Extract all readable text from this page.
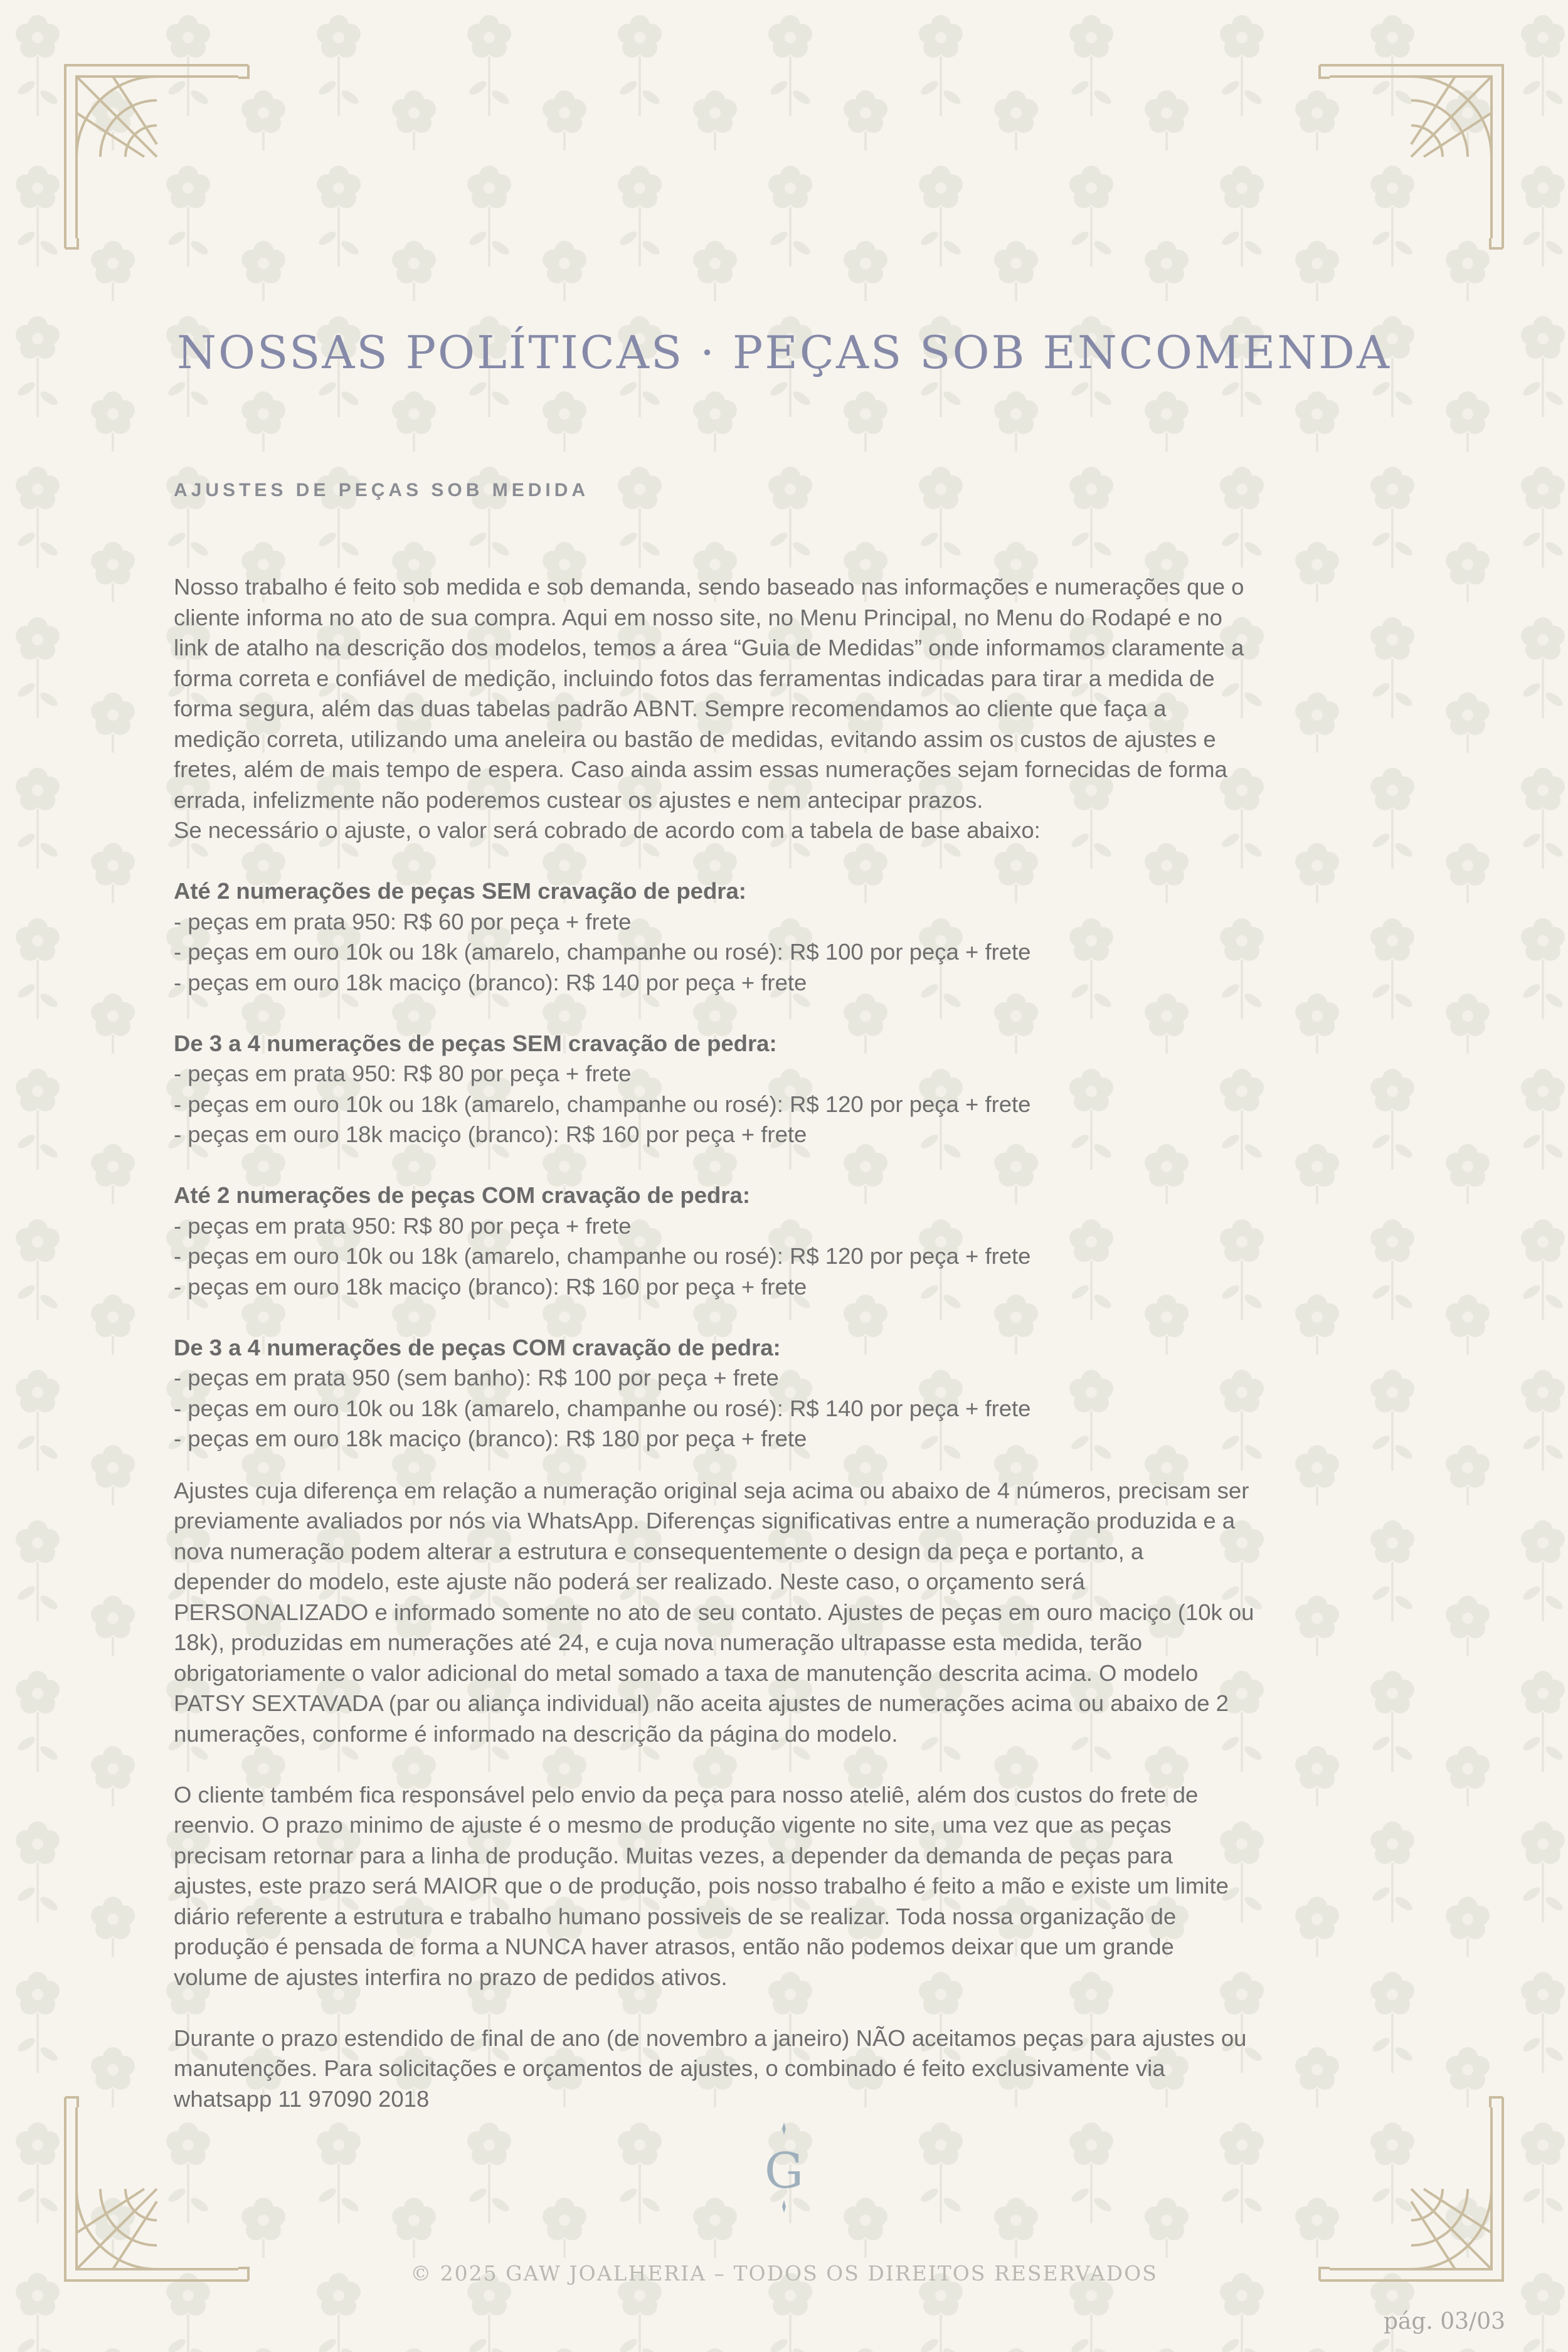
NOSSAS POLÍTICAS · PEÇAS SOB ENCOMENDA
AJUSTES DE PEÇAS SOB MEDIDA

Nosso trabalho é feito sob medida e sob demanda, sendo baseado nas informações e numerações que o

cliente informa no ato de sua compra. Aqui em nosso site, no Menu Principal, no Menu do Rodapé e no

link de atalho na descrição dos modelos, temos a área “Guia de Medidas” onde informamos claramente a

forma correta e confiável de medição, incluindo fotos das ferramentas indicadas para tirar a medida de

forma segura, além das duas tabelas padrão ABNT. Sempre recomendamos ao cliente que faça a

medição correta, utilizando uma aneleira ou bastão de medidas, evitando assim os custos de ajustes e

fretes, além de mais tempo de espera. Caso ainda assim essas numerações sejam fornecidas de forma

errada, infelizmente não poderemos custear os ajustes e nem antecipar prazos.

Se necessário o ajuste, o valor será cobrado de acordo com a tabela de base abaixo:

Até 2 numerações de peças SEM cravação de pedra:

- peças em prata 950: R$ 60 por peça + frete

- peças em ouro 10k ou 18k (amarelo, champanhe ou rosé): R$ 100 por peça + frete

- peças em ouro 18k maciço (branco): R$ 140 por peça + frete

De 3 a 4 numerações de peças SEM cravação de pedra:

- peças em prata 950: R$ 80 por peça + frete

- peças em ouro 10k ou 18k (amarelo, champanhe ou rosé): R$ 120 por peça + frete

- peças em ouro 18k maciço (branco): R$ 160 por peça + frete

Até 2 numerações de peças COM cravação de pedra:

- peças em prata 950: R$ 80 por peça + frete

- peças em ouro 10k ou 18k (amarelo, champanhe ou rosé): R$ 120 por peça + frete

- peças em ouro 18k maciço (branco): R$ 160 por peça + frete

De 3 a 4 numerações de peças COM cravação de pedra:

- peças em prata 950 (sem banho): R$ 100 por peça + frete

- peças em ouro 10k ou 18k (amarelo, champanhe ou rosé): R$ 140 por peça + frete

- peças em ouro 18k maciço (branco): R$ 180 por peça + frete

Ajustes cuja diferença em relação a numeração original seja acima ou abaixo de 4 números, precisam ser

previamente avaliados por nós via WhatsApp. Diferenças significativas entre a numeração produzida e a

nova numeração podem alterar a estrutura e consequentemente o design da peça e portanto, a

depender do modelo, este ajuste não poderá ser realizado. Neste caso, o orçamento será

PERSONALIZADO e informado somente no ato de seu contato. Ajustes de peças em ouro maciço (10k ou

18k), produzidas em numerações até 24, e cuja nova numeração ultrapasse esta medida, terão

obrigatoriamente o valor adicional do metal somado a taxa de manutenção descrita acima. O modelo

PATSY SEXTAVADA (par ou aliança individual) não aceita ajustes de numerações acima ou abaixo de 2

numerações, conforme é informado na descrição da página do modelo.

O cliente também fica responsável pelo envio da peça para nosso ateliê, além dos custos do frete de

reenvio. O prazo minimo de ajuste é o mesmo de produção vigente no site, uma vez que as peças

precisam retornar para a linha de produção. Muitas vezes, a depender da demanda de peças para

ajustes, este prazo será MAIOR que o de produção, pois nosso trabalho é feito a mão e existe um limite

diário referente a estrutura e trabalho humano possiveis de se realizar. Toda nossa organização de

produção é pensada de forma a NUNCA haver atrasos, então não podemos deixar que um grande

volume de ajustes interfira no prazo de pedidos ativos.

Durante o prazo estendido de final de ano (de novembro a janeiro) NÃO aceitamos peças para ajustes ou

manutenções. Para solicitações e orçamentos de ajustes, o combinado é feito exclusivamente via

whatsapp 11 97090 2018

G
© 2025 GAW JOALHERIA – TODOS OS DIREITOS RESERVADOS
pág. 03/03
